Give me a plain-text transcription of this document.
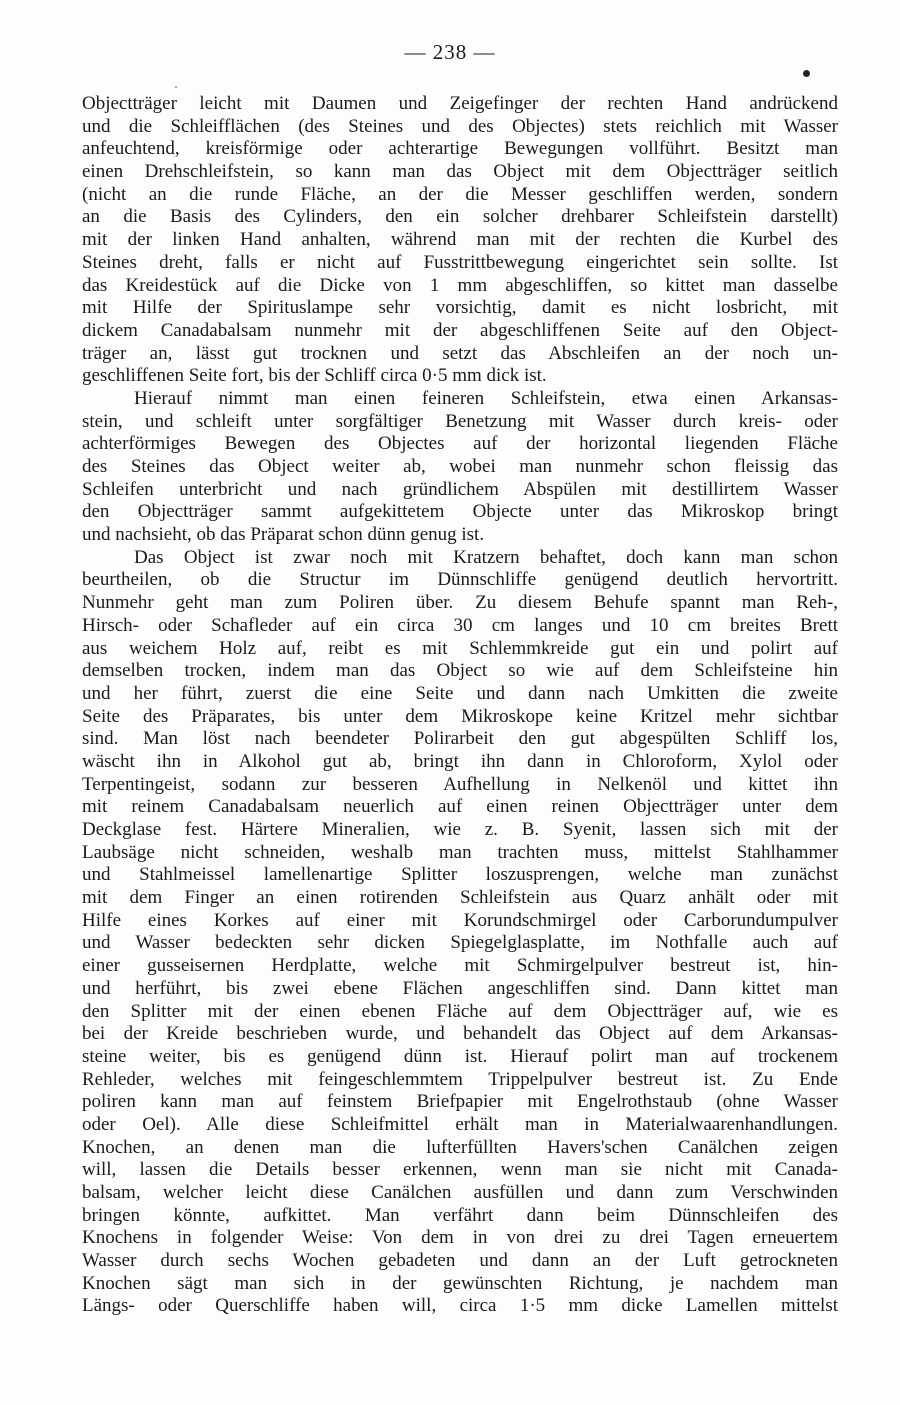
— 238 —
Objectträger leicht mit Daumen und Zeigefinger der rechten Hand andrückend
und die Schleifflächen (des Steines und des Objectes) stets reichlich mit Wasser
anfeuchtend, kreisförmige oder achterartige Bewegungen vollführt. Besitzt man
einen Drehschleifstein, so kann man das Object mit dem Objectträger seitlich
(nicht an die runde Fläche, an der die Messer geschliffen werden, sondern
an die Basis des Cylinders, den ein solcher drehbarer Schleifstein darstellt)
mit der linken Hand anhalten, während man mit der rechten die Kurbel des
Steines dreht, falls er nicht auf Fusstrittbewegung eingerichtet sein sollte. Ist
das Kreidestück auf die Dicke von 1 mm abgeschliffen, so kittet man dasselbe
mit Hilfe der Spirituslampe sehr vorsichtig, damit es nicht losbricht, mit
dickem Canadabalsam nunmehr mit der abgeschliffenen Seite auf den Object-
träger an, lässt gut trocknen und setzt das Abschleifen an der noch un-
geschliffenen Seite fort, bis der Schliff circa 0·5 mm dick ist.
Hierauf nimmt man einen feineren Schleifstein, etwa einen Arkansas-
stein, und schleift unter sorgfältiger Benetzung mit Wasser durch kreis- oder
achterförmiges Bewegen des Objectes auf der horizontal liegenden Fläche
des Steines das Object weiter ab, wobei man nunmehr schon fleissig das
Schleifen unterbricht und nach gründlichem Abspülen mit destillirtem Wasser
den Objectträger sammt aufgekittetem Objecte unter das Mikroskop bringt
und nachsieht, ob das Präparat schon dünn genug ist.
Das Object ist zwar noch mit Kratzern behaftet, doch kann man schon
beurtheilen, ob die Structur im Dünnschliffe genügend deutlich hervortritt.
Nunmehr geht man zum Poliren über. Zu diesem Behufe spannt man Reh-,
Hirsch- oder Schafleder auf ein circa 30 cm langes und 10 cm breites Brett
aus weichem Holz auf, reibt es mit Schlemmkreide gut ein und polirt auf
demselben trocken, indem man das Object so wie auf dem Schleifsteine hin
und her führt, zuerst die eine Seite und dann nach Umkitten die zweite
Seite des Präparates, bis unter dem Mikroskope keine Kritzel mehr sichtbar
sind. Man löst nach beendeter Polirarbeit den gut abgespülten Schliff los,
wäscht ihn in Alkohol gut ab, bringt ihn dann in Chloroform, Xylol oder
Terpentingeist, sodann zur besseren Aufhellung in Nelkenöl und kittet ihn
mit reinem Canadabalsam neuerlich auf einen reinen Objectträger unter dem
Deckglase fest. Härtere Mineralien, wie z. B. Syenit, lassen sich mit der
Laubsäge nicht schneiden, weshalb man trachten muss, mittelst Stahlhammer
und Stahlmeissel lamellenartige Splitter loszusprengen, welche man zunächst
mit dem Finger an einen rotirenden Schleifstein aus Quarz anhält oder mit
Hilfe eines Korkes auf einer mit Korundschmirgel oder Carborundumpulver
und Wasser bedeckten sehr dicken Spiegelglasplatte, im Nothfalle auch auf
einer gusseisernen Herdplatte, welche mit Schmirgelpulver bestreut ist, hin-
und herführt, bis zwei ebene Flächen angeschliffen sind. Dann kittet man
den Splitter mit der einen ebenen Fläche auf dem Objectträger auf, wie es
bei der Kreide beschrieben wurde, und behandelt das Object auf dem Arkansas-
steine weiter, bis es genügend dünn ist. Hierauf polirt man auf trockenem
Rehleder, welches mit feingeschlemmtem Trippelpulver bestreut ist. Zu Ende
poliren kann man auf feinstem Briefpapier mit Engelrothstaub (ohne Wasser
oder Oel). Alle diese Schleifmittel erhält man in Materialwaarenhandlungen.
Knochen, an denen man die lufterfüllten Havers'schen Canälchen zeigen
will, lassen die Details besser erkennen, wenn man sie nicht mit Canada-
balsam, welcher leicht diese Canälchen ausfüllen und dann zum Verschwinden
bringen könnte, aufkittet. Man verfährt dann beim Dünnschleifen des
Knochens in folgender Weise: Von dem in von drei zu drei Tagen erneuertem
Wasser durch sechs Wochen gebadeten und dann an der Luft getrockneten
Knochen sägt man sich in der gewünschten Richtung, je nachdem man
Längs- oder Querschliffe haben will, circa 1·5 mm dicke Lamellen mittelst
